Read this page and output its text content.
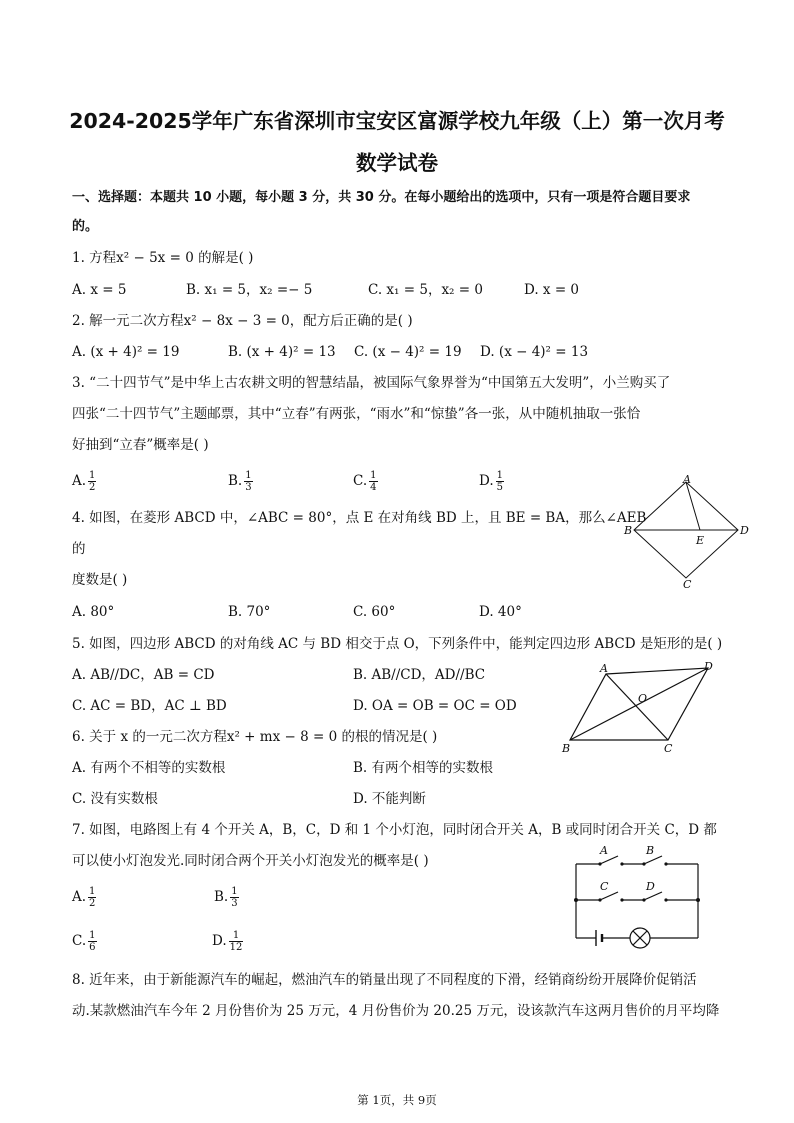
2024-2025学年广东省深圳市宝安区富源学校九年级（上）第一次月考
数学试卷
一、选择题：本题共 10 小题，每小题 3 分，共 30 分。在每小题给出的选项中，只有一项是符合题目要求
的。
1. 方程x² − 5x = 0 的解是( )
A. x = 5	B. x₁ = 5，x₂ =− 5	C. x₁ = 5，x₂ = 0	D. x = 0
2. 解一元二次方程x² − 8x − 3 = 0，配方后正确的是( )
A. (x + 4)² = 19	B. (x + 4)² = 13 C. (x − 4)² = 19 D. (x − 4)² = 13
3. “二十四节气”是中华上古农耕文明的智慧结晶，被国际气象界誉为“中国第五大发明”，小兰购买了
四张“二十四节气”主题邮票，其中“立春”有两张，“雨水”和“惊蛰”各一张，从中随机抽取一张恰
好抽到“立春”概率是( )
A. $\frac{1}{2}$	B. $\frac{1}{3}$	C. $\frac{1}{4}$	D. $\frac{1}{5}$
4. 如图，在菱形 ABCD 中，∠ABC = 80°，点 E 在对角线 BD 上，且 BE = BA，那么∠AEB
的
度数是( )
A. 80°	B. 70°	C. 60°	D. 40°
A
B
E
D
C
5. 如图，四边形 ABCD 的对角线 AC 与 BD 相交于点 O，下列条件中，能判定四边形 ABCD 是矩形的是( )
A. AB//DC，AB = CD	B. AB//CD，AD//BC
C. AC = BD，AC ⊥ BD	D. OA = OB = OC = OD
A	D
O
B	C
6. 关于 x 的一元二次方程x² + mx − 8 = 0 的根的情况是( )
A. 有两个不相等的实数根	B. 有两个相等的实数根
C. 没有实数根	D. 不能判断
7. 如图，电路图上有 4 个开关 A，B，C，D 和 1 个小灯泡，同时闭合开关 A，B 或同时闭合开关 C，D 都
可以使小灯泡发光.同时闭合两个开关小灯泡发光的概率是( )
A. $\frac{1}{2}$	B. $\frac{1}{3}$
C. $\frac{1}{6}$	D. $\frac{1}{12}$
A	B
C	D
8. 近年来，由于新能源汽车的崛起，燃油汽车的销量出现了不同程度的下滑，经销商纷纷开展降价促销活
动.某款燃油汽车今年 2 月份售价为 25 万元，4 月份售价为 20.25 万元，设该款汽车这两月售价的月平均降
第 1页，共 9页
